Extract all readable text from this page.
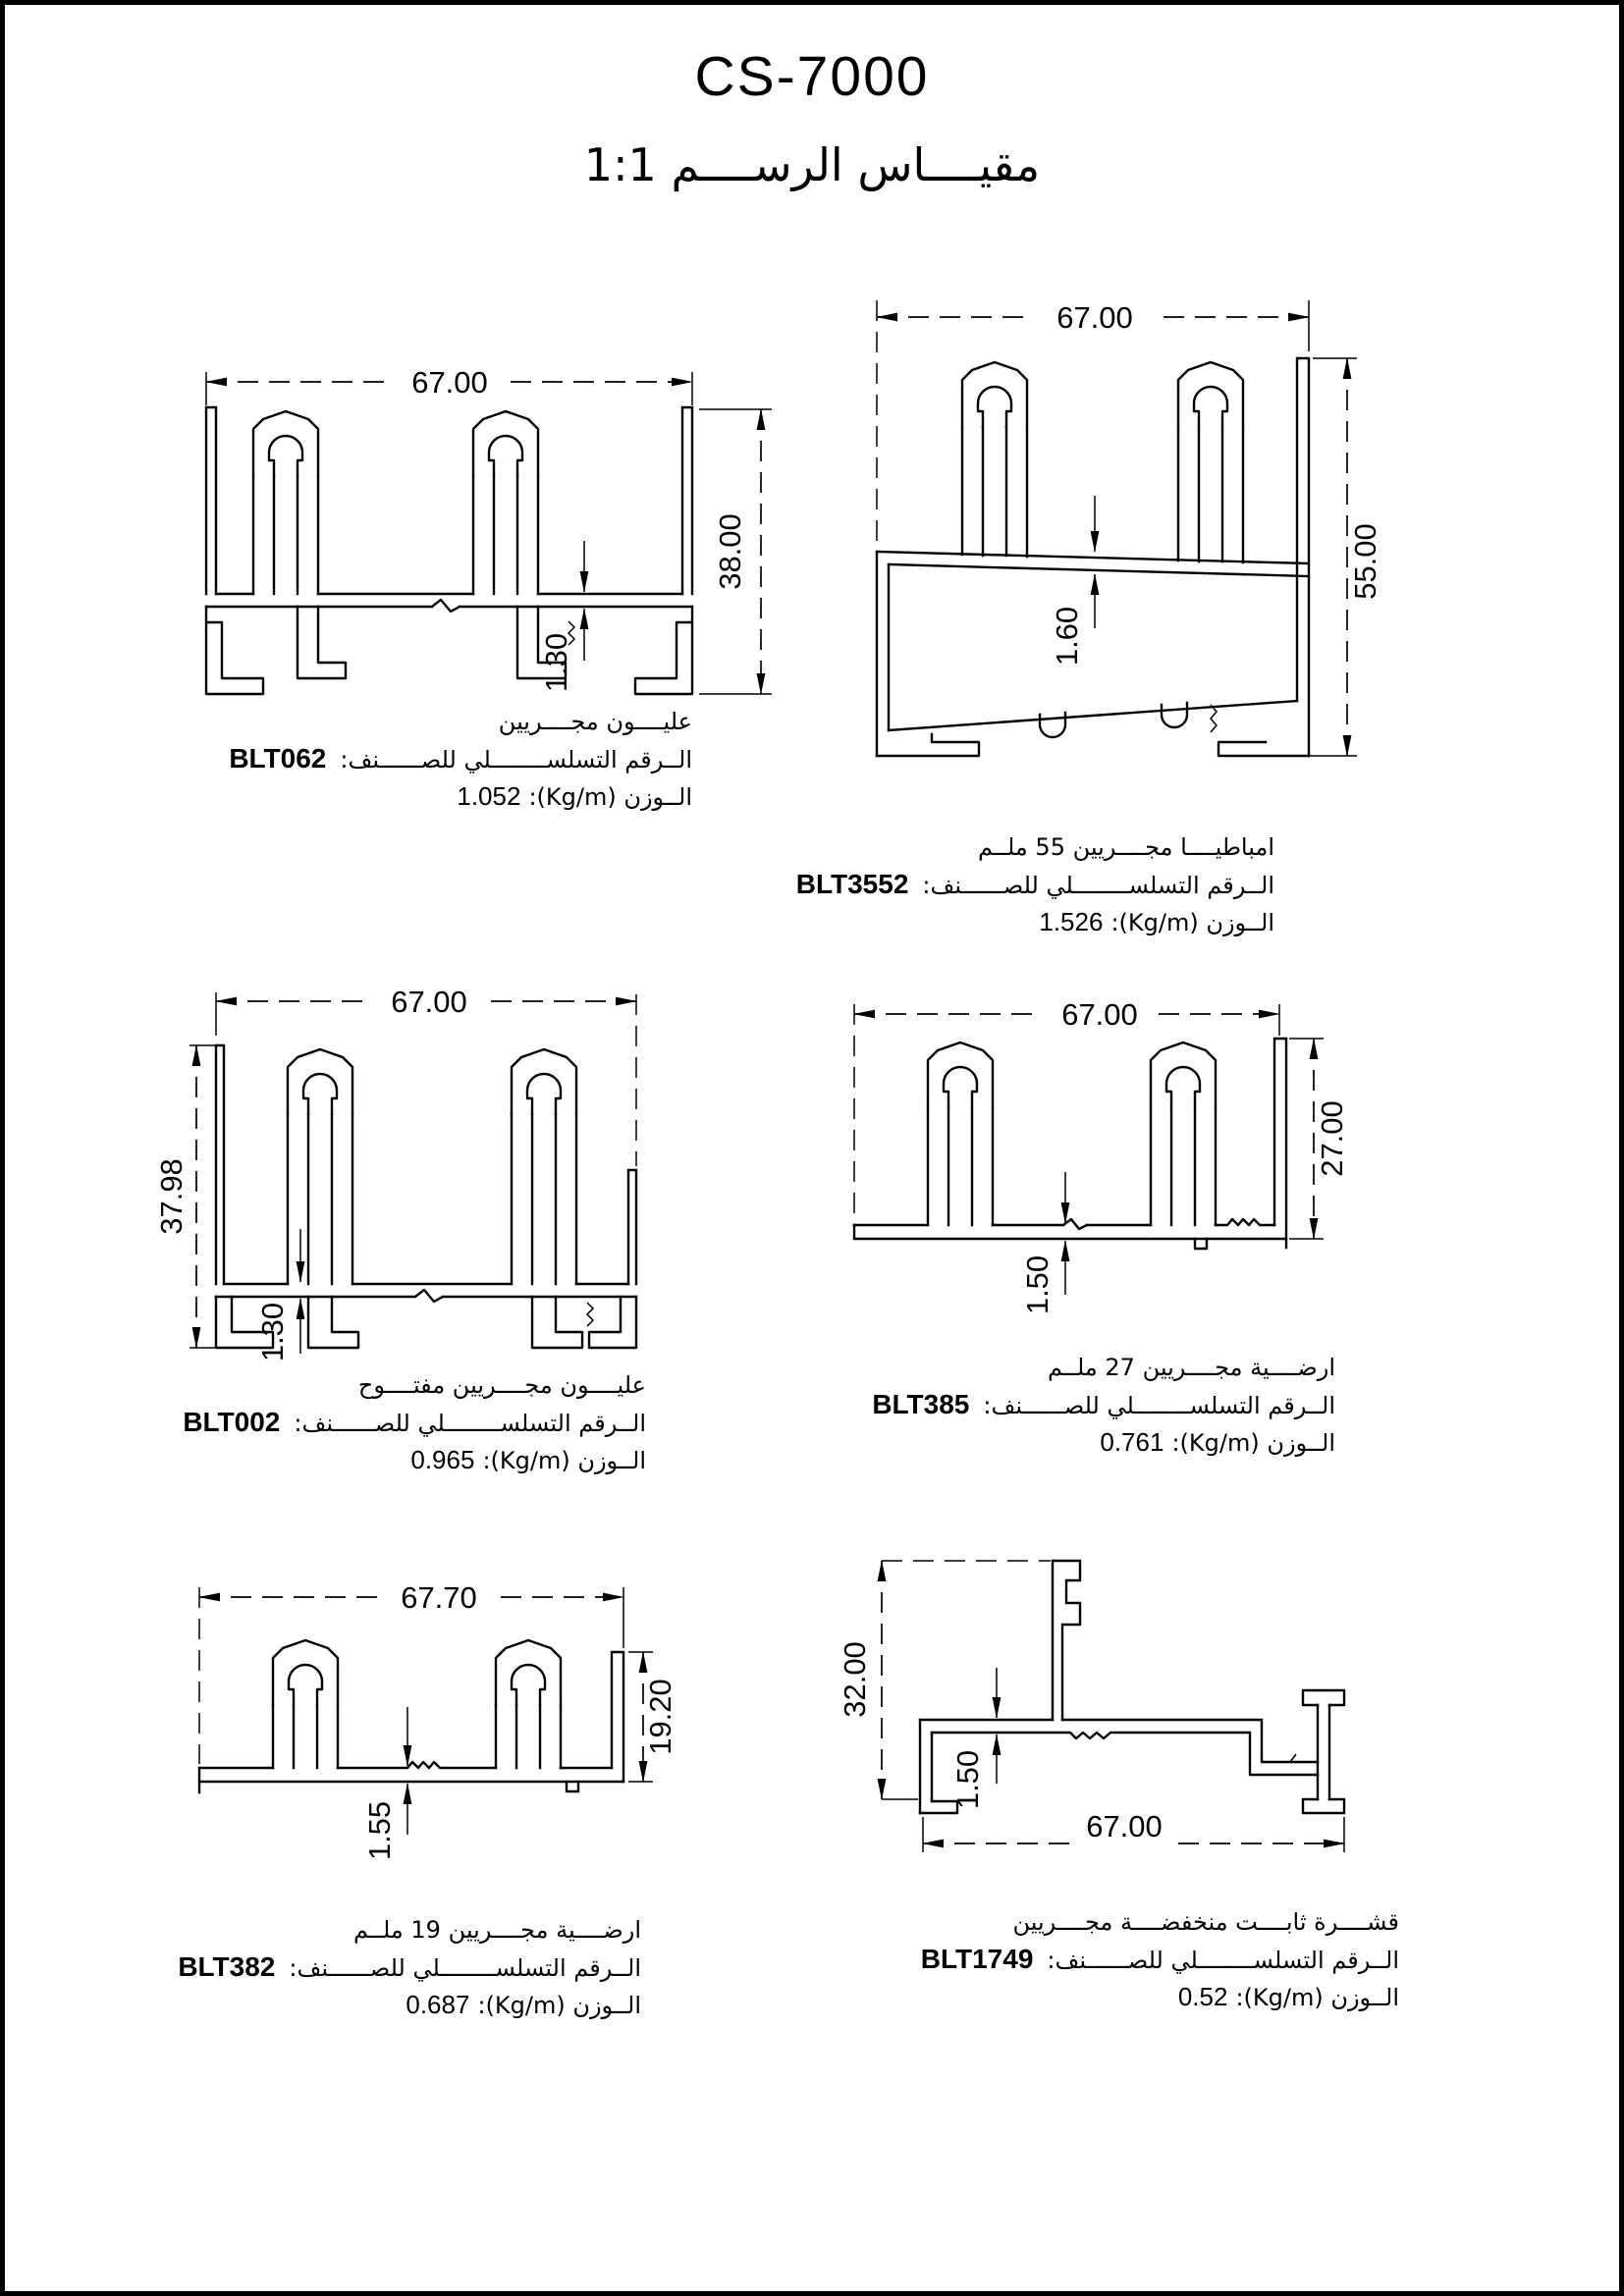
CS-7000
مقيــــاس الرســــم 1:1
67.00
38.00
1.30
عليــــون مجــــريين
الــرقم التسلســــــــلي للصــــــنف:BLT062
الــوزن (Kg/m):1.052
67.00
55.00
1.60
امباطيــــا مجــــريين 55 ملــم
الــرقم التسلســــــــلي للصــــــنف:BLT3552
الــوزن (Kg/m):1.526
67.00
37.98
1.30
عليــــون مجــــريين مفتــــوح
الــرقم التسلســــــــلي للصــــــنف:BLT002
الــوزن (Kg/m):0.965
67.00
27.00
1.50
ارضــــية مجــــريين 27 ملــم
الــرقم التسلســــــــلي للصــــــنف:BLT385
الــوزن (Kg/m):0.761
67.70
19.20
1.55
ارضــــية مجــــريين 19 ملــم
الــرقم التسلســــــــلي للصــــــنف:BLT382
الــوزن (Kg/m):0.687
32.00
1.50
67.00
قشــــرة ثابــــت منخفضــــة مجــــريين
الــرقم التسلســــــــلي للصــــــنف:BLT1749
الــوزن (Kg/m):0.52
